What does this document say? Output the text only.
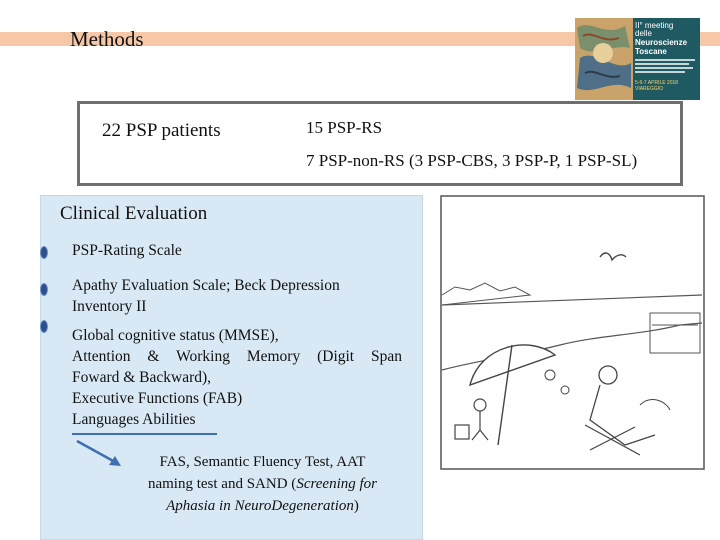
Methods
II° meeting
delle
Neuroscienze
Toscane
5-6-7 APRILE 2018 VIAREGGIO
22 PSP patients	15 PSP-RS
7 PSP-non-RS (3 PSP-CBS, 3 PSP-P, 1 PSP-SL)
Clinical Evaluation
PSP-Rating Scale
Apathy Evaluation Scale; Beck Depression
Inventory II
Global cognitive status (MMSE),
Attention & Working Memory (Digit Span
Foward & Backward),
Executive Functions (FAB)
Languages Abilities
FAS, Semantic Fluency Test, AAT
naming test and SAND (Screening for
Aphasia in NeuroDegeneration)
